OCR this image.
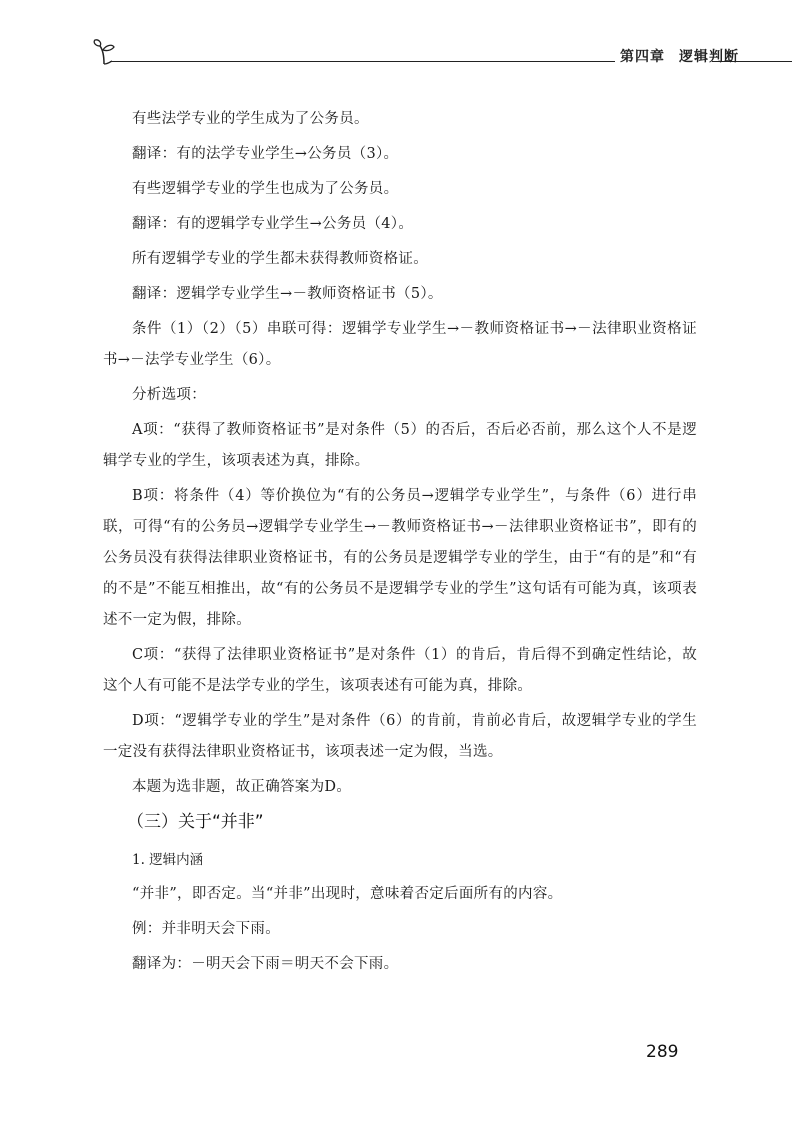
第四章 逻辑判断

有些法学专业的学生成为了公务员。

翻译：有的法学专业学生→公务员（3）。

有些逻辑学专业的学生也成为了公务员。

翻译：有的逻辑学专业学生→公务员（4）。

所有逻辑学专业的学生都未获得教师资格证。

翻译：逻辑学专业学生→－教师资格证书（5）。

条件（1）（2）（5）串联可得：逻辑学专业学生→－教师资格证书→－法律职业资格证书→－法学专业学生（6）。

分析选项：

A项：“获得了教师资格证书”是对条件（5）的否后，否后必否前，那么这个人不是逻辑学专业的学生，该项表述为真，排除。

B项：将条件（4）等价换位为“有的公务员→逻辑学专业学生”，与条件（6）进行串联，可得“有的公务员→逻辑学专业学生→－教师资格证书→－法律职业资格证书”，即有的公务员没有获得法律职业资格证书，有的公务员是逻辑学专业的学生，由于“有的是”和“有的不是”不能互相推出，故“有的公务员不是逻辑学专业的学生”这句话有可能为真，该项表述不一定为假，排除。

C项：“获得了法律职业资格证书”是对条件（1）的肯后，肯后得不到确定性结论，故这个人有可能不是法学专业的学生，该项表述有可能为真，排除。

D项：“逻辑学专业的学生”是对条件（6）的肯前，肯前必肯后，故逻辑学专业的学生一定没有获得法律职业资格证书，该项表述一定为假，当选。

本题为选非题，故正确答案为D。

（三）关于“并非”

1. 逻辑内涵

“并非”，即否定。当“并非”出现时，意味着否定后面所有的内容。

例：并非明天会下雨。

翻译为：－明天会下雨＝明天不会下雨。

289
